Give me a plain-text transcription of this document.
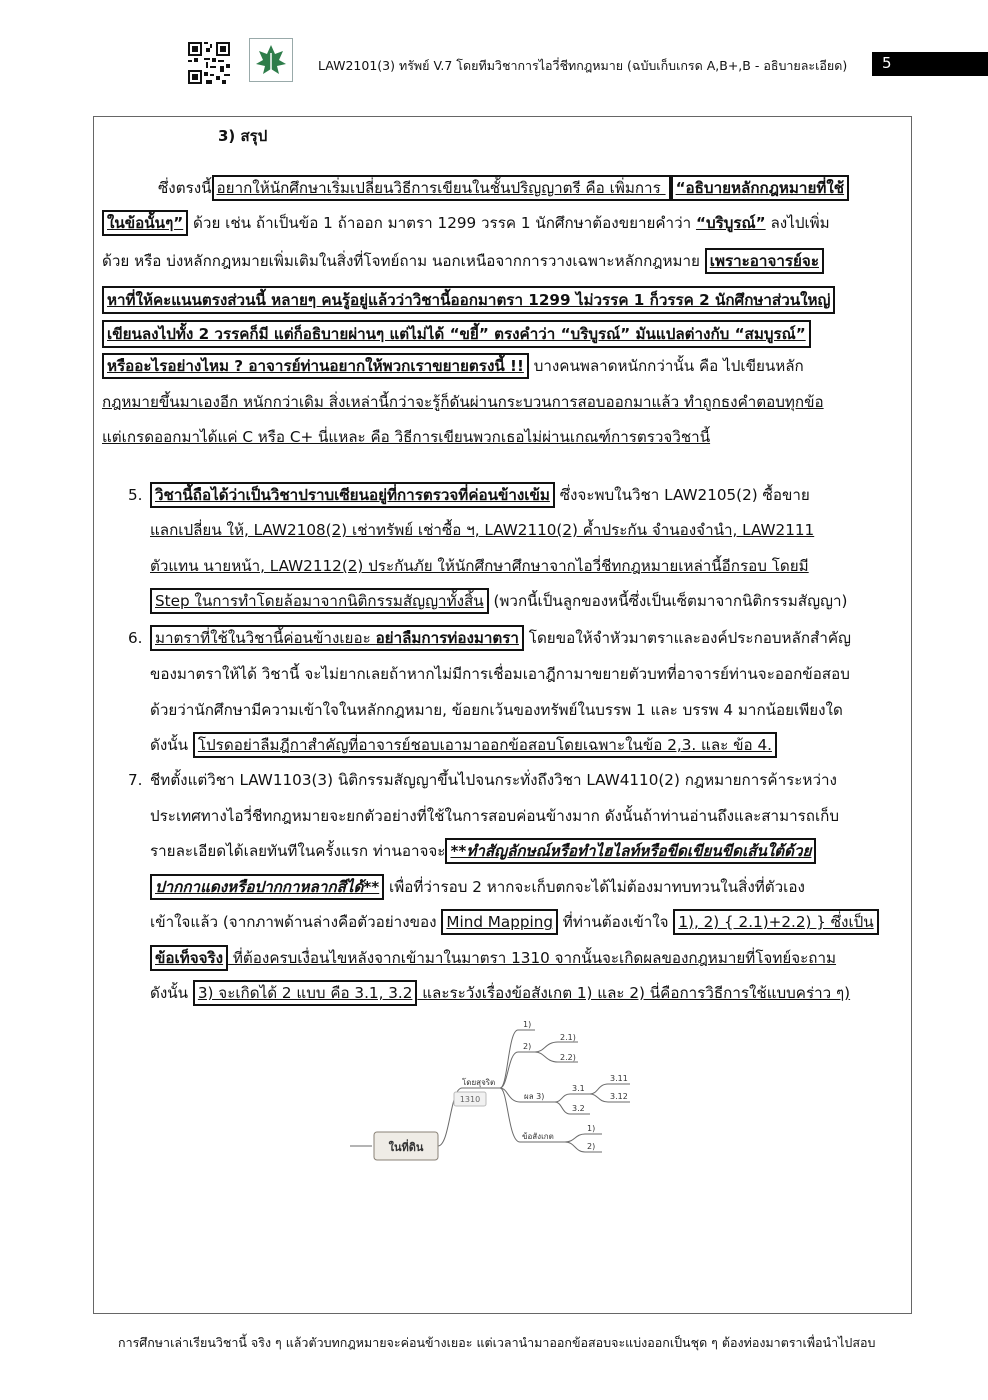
LAW2101(3) ทรัพย์ V.7 โดยทีมวิชาการไอวี่ชีทกฎหมาย (ฉบับเก็บเกรด A,B+,B - อธิบายละเอียด) 5
3) สรุป
ซึ่งตรงนี้ อยากให้นักศึกษาเริ่มเปลี่ยนวิธีการเขียนในชั้นปริญญาตรี คือ เพิ่มการ “อธิบายหลักกฎหมายที่ใช้
ในข้อนั้นๆ” ด้วย เช่น ถ้าเป็นข้อ 1 ถ้าออก มาตรา 1299 วรรค 1 นักศึกษาต้องขยายคำว่า “บริบูรณ์” ลงไปเพิ่ม
ด้วย หรือ บ่งหลักกฎหมายเพิ่มเติมในสิ่งที่โจทย์ถาม นอกเหนือจากการวางเฉพาะหลักกฎหมาย เพราะอาจารย์จะ
หาที่ให้คะแนนตรงส่วนนี้ หลายๆ คนรู้อยู่แล้วว่าวิชานี้ออกมาตรา 1299 ไม่วรรค 1 ก็วรรค 2 นักศึกษาส่วนใหญ่
เขียนลงไปทั้ง 2 วรรคก็มี แต่ก็อธิบายผ่านๆ แต่ไม่ได้ “ขยี้” ตรงคำว่า “บริบูรณ์” มันแปลต่างกับ “สมบูรณ์”
หรืออะไรอย่างไหม ? อาจารย์ท่านอยากให้พวกเราขยายตรงนี้ !! บางคนพลาดหนักกว่านั้น คือ ไปเขียนหลัก
กฎหมายขึ้นมาเองอีก หนักกว่าเดิม สิ่งเหล่านี้กว่าจะรู้ก็ดันผ่านกระบวนการสอบออกมาแล้ว ทำถูกธงคำตอบทุกข้อ
แต่เกรดออกมาได้แค่ C หรือ C+ นี่แหละ คือ วิธีการเขียนพวกเธอไม่ผ่านเกณฑ์การตรวจวิชานี้
5. วิชานี้ถือได้ว่าเป็นวิชาปราบเซียนอยู่ที่การตรวจที่ค่อนข้างเข้ม ซึ่งจะพบในวิชา LAW2105(2) ซื้อขาย
แลกเปลี่ยน ให้, LAW2108(2) เช่าทรัพย์ เช่าซื้อ ฯ, LAW2110(2) ค้ำประกัน จำนองจำนำ, LAW2111
ตัวแทน นายหน้า, LAW2112(2) ประกันภัย ให้นักศึกษาศึกษาจากไอวี่ชีทกฎหมายเหล่านี้อีกรอบ โดยมี
Step ในการทำโดยล้อมาจากนิติกรรมสัญญาทั้งสิ้น (พวกนี้เป็นลูกของหนี้ซึ่งเป็นเซ็ตมาจากนิติกรรมสัญญา)
6. มาตราที่ใช้ในวิชานี้ค่อนข้างเยอะ อย่าลืมการท่องมาตรา โดยขอให้จำหัวมาตราและองค์ประกอบหลักสำคัญ
ของมาตราให้ได้ วิชานี้ จะไม่ยากเลยถ้าหากไม่มีการเชื่อมเอาฎีกามาขยายตัวบทที่อาจารย์ท่านจะออกข้อสอบ
ด้วยว่านักศึกษามีความเข้าใจในหลักกฎหมาย, ข้อยกเว้นของทรัพย์ในบรรพ 1 และ บรรพ 4 มากน้อยเพียงใด
ดังนั้น โปรดอย่าลืมฎีกาสำคัญที่อาจารย์ชอบเอามาออกข้อสอบโดยเฉพาะในข้อ 2,3. และ ข้อ 4.
7. ชีทตั้งแต่วิชา LAW1103(3) นิติกรรมสัญญาขึ้นไปจนกระทั่งถึงวิชา LAW4110(2) กฎหมายการค้าระหว่าง
ประเทศทางไอวี่ชีทกฎหมายจะยกตัวอย่างที่ใช้ในการสอบค่อนข้างมาก ดังนั้นถ้าท่านอ่านถึงและสามารถเก็บ
รายละเอียดได้เลยทันทีในครั้งแรก ท่านอาจจะ **ทำสัญลักษณ์หรือทำไฮไลท์หรือขีดเขียนขีดเส้นใต้ด้วย
ปากกาแดงหรือปากกาหลากสีได้** เพื่อที่ว่ารอบ 2 หากจะเก็บตกจะได้ไม่ต้องมาทบทวนในสิ่งที่ตัวเอง
เข้าใจแล้ว (จากภาพด้านล่างคือตัวอย่างของ Mind Mapping ที่ท่านต้องเข้าใจ 1), 2) { 2.1)+2.2) } ซึ่งเป็น
ข้อเท็จจริง ที่ต้องครบเงื่อนไขหลังจากเข้ามาในมาตรา 1310 จากนั้นจะเกิดผลของกฎหมายที่โจทย์จะถาม
ดังนั้น 3) จะเกิดได้ 2 แบบ คือ 3.1, 3.2 และระวังเรื่องข้อสังเกต 1) และ 2) นี่คือการวิธีการใช้แบบคร่าว ๆ)
ในที่ดิน
โดยสุจริต
1310
1)
2)
2.1)
2.2)
ผล 3)
3.1
3.2
3.11
3.12
ข้อสังเกต
1)
2)
การศึกษาเล่าเรียนวิชานี้ จริง ๆ แล้วตัวบทกฎหมายจะค่อนข้างเยอะ แต่เวลานำมาออกข้อสอบจะแบ่งออกเป็นชุด ๆ ต้องท่องมาตราเพื่อนำไปสอบ
